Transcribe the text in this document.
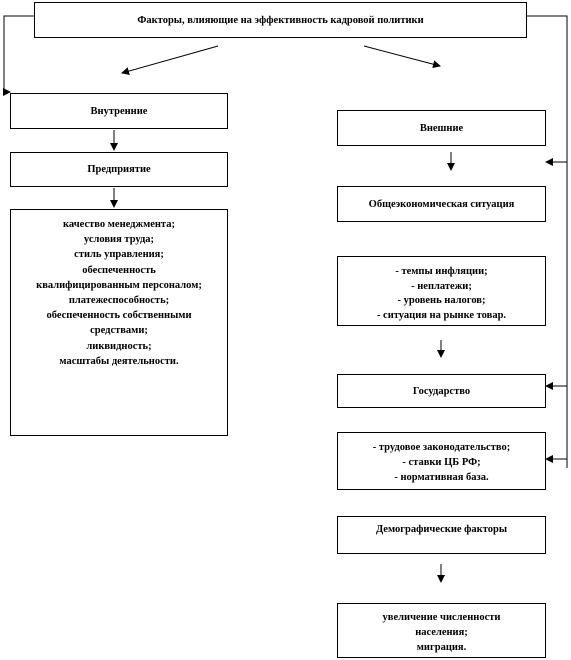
Факторы, влияющие на эффективность кадровой политики
Внутренние
Предприятие
качество менеджмента;
условия труда;
стиль управления;
обеспеченность
квалифицированным персоналом;
платежеспособность;
обеспеченность собственными
средствами;
ликвидность;
масштабы деятельности.
Внешние
Общеэкономическая ситуация
- темпы инфляции;
- неплатежи;
- уровень налогов;
- ситуация на рынке товар.
Государство
- трудовое законодательство;
- ставки ЦБ РФ;
- нормативная база.
Демографические факторы
увеличение численности
населения;
миграция.
